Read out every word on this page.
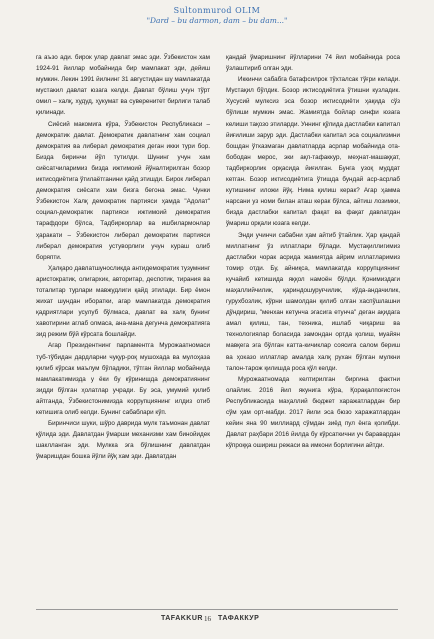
Sultonmurod OLIM
"Dard – bu darmon, dam – bu dam..."

га аъзо ади. бирок улар давлат эмас эди. Ўзбекистон хам 1924-91 йиллар мобайнида бир мамлакат эди, дейиш мумкин. Лекин 1991 йилнинг 31 августидан шу мамлакатда мустакил давлат юзага келди. Давлат бўлиш учун тўрт омил – халқ, худуд, ҳукумат ва суверенитет бирлиги талаб қилинади.

Сиёсий макомига кўра, Ўзбекистон Республикаси – демократик давлат. Демократик давлатнинг хам социал демократия ва либерал демократия деган икки тури бор. Бизда биринчи йўл тутилди. Шунинг учун хам сиёсатчиларимиз бизда ижтимоий йўналтирилган бозор иктисодиётига ўтилаётганини қайд этишди. Бирок либерал демократия сиёсати хам бизга бегона эмас. Чунки Ўзбекистон Халқ демократик партияси ҳамда "Адолат" социал-демократик партияси ижтимоий демократия тарафдори бўлса, Тадбиркорлар ва ишбилармонлар ҳаракати – Ўзбекистон либерал демократик партияси либерал демократия устуворлиги учун кураш олиб боряпти.

Ҳалқаро давлатшуносликда антидемократик тузумнинг аристократик, олигархик, авторитар, деспотик, тирания ва тоталитар турлари мавжудлиги қайд этилади. Бир ёмон жихат шундан иборатки, агар мамлакатда демократия қадриятлари усулуб бўлмаса, давлат ва халқ бунинг хавотирини аглаб олмаса, ана-мана дегунча демократияга зид режим бўй кўрсата бошлайди.

Агар Президентнинг парламентга Мурожаатномаси туб-тўбидан дардларни чуқур-роқ мушохада ва мулоҳаза қилиб кўрсак маълум бўладики, тўтган йиллар мобайнида мамлакатимизда у ёки бу кўринишда демократиянинг зидди бўлган ҳолатлар учради. Бу эса, умумий қилиб айтганда, Ўзбекистонимизда коррупциянинг илдиз отиб кетишига олиб келди. Бунинг сабаблари кўп.

Биринчиси шуки, шўро даврида мулк таъмонан давлат қўлида эди. Давлатдан ўмарши механизми хам бинойидек шаклланган эди. Мулкка эга бўлишнинг давлатдан ўмаришдан бошка йўли йўқ хам эди. Давлатдан

қандай ўмаришнинг йўлларини 74 йил мобайнида роса ўзлаштириб олган эди.

Иккинчи сабабга батафсилрок тўхталсак тўғри келади. Мустақил бўлдик. Бозор иктисодиётига ўтишни кузладик. Хусусий мулксиз эса бозор иктисодиёти ҳақида сўз бўлиши мумкин эмас. Жамиятда бойлар синфи юзага келиши тақозо этиларди. Уннинг қўлида дастлабки капитал йиғилиши зарур эди. Дастлабки капитал эса социализмни бошдан ўтказмаган давлатларда асрлар мобайнида ота-бободан мерос, эки ақл-тафаккур, меҳнат-машаққат, тадбиркорлик орқасида йиғилган. Бунга узоқ муддат кетган. Бозор иктисодиётига ўтишда бундай аср-асрлаб кутишнинг иложи йўқ. Нима қилиш керак? Агар ҳамма нарсани уз номи билан аташ керак бўлса, айтиш лозимки, бизда дастлабки капитал фақат ва фақат давлатдан ўмариш орқали юзага келди.

Энди учинчи сабабни ҳам айтиб ўтайлик. Ҳар қандай миллатнинг ўз иллатлари бўлади. Мустақиллигимиз дастлабки чорак асрида жамиятда айрим иллатларимиз томир отди. Бу, айниқса, мамлакатда коррупциянинг кучайиб кетишида яққол намоён бўлди. Қонимиздаги маҳаллийчилик, қариндошуруғчилик, кўда-андачилик, гурухбозлик, кўрни шамолдан қилиб олган хаспўшлашни дўндириш, "менхан кетунча эгасига етунча" деган ақидага амал қилиш, тан, техника, ишлаб чиқариш ва технологиялар боласида замондан ортда қолиш, муайян мавқега эга бўлган катта-кичиклар соясига салом бериш ва ҳоказо иллатлар амалда халқ рухан бўлган мулкни талон-тарож қилишда роса қўл келди.

Мурожаатномада келтирилган биргина фактни олайлик. 2016 йил якунига кўра, Қорақалпоғистон Республикасида маҳаллий бюджет харажатлардан бир сўм ҳам орт-мабди. 2017 йили эса бюзо харажатлардан кейин яна 90 миллиард сўмдан зиёд пул ёнга қолибди. Давлат раҳбари 2016 йилда бу кўрсаткични уч баравардан кўпроққа ошириш режаси ва имкони борлигини айтди.

TAFAKKUR 16 ТАФАККУР
